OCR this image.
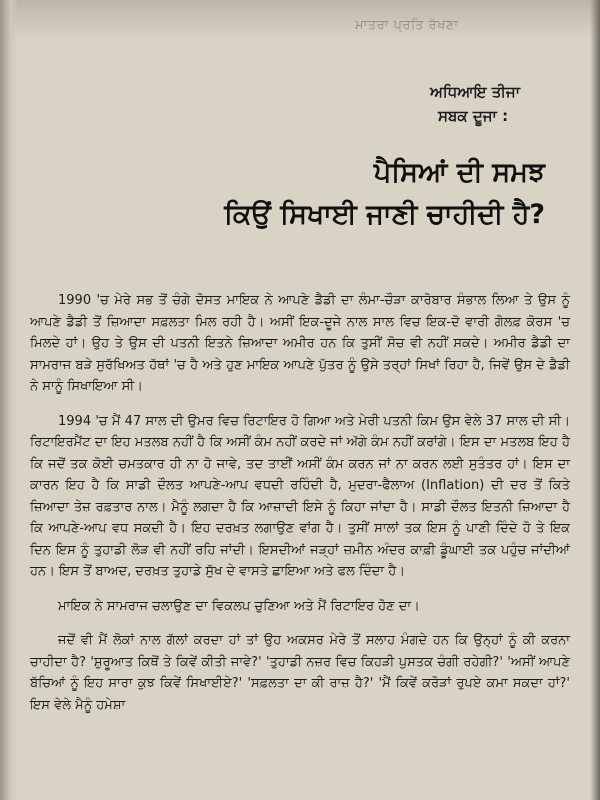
ਮਾਤਰਾ ਪ੍ਰਤਿ ਰੱਖਣਾ
ਅਧਿਆਇ ਤੀਜਾ
ਸਬਕ ਦੂਜਾ :
ਪੈਸਿਆਂ ਦੀ ਸਮਝ
ਕਿਉਂ ਸਿਖਾਈ ਜਾਣੀ ਚਾਹੀਦੀ ਹੈ?

1990 'ਚ ਮੇਰੇ ਸਭ ਤੋਂ ਚੰਗੇ ਦੋਸਤ ਮਾਇਕ ਨੇ ਆਪਣੇ ਡੈਡੀ ਦਾ ਲੰਮਾ-ਚੌੜਾ ਕਾਰੋਬਾਰ ਸੰਭਾਲ ਲਿਆ ਤੇ ਉਸ ਨੂੰ ਆਪਣੇ ਡੈਡੀ ਤੋਂ ਜ਼ਿਆਦਾ ਸਫ਼ਲਤਾ ਮਿਲ ਰਹੀ ਹੈ। ਅਸੀਂ ਇਕ-ਦੂਜੇ ਨਾਲ ਸਾਲ ਵਿਚ ਇਕ-ਦੋ ਵਾਰੀ ਗੋਲਫ਼ ਕੋਰਸ 'ਚ ਮਿਲਦੇ ਹਾਂ। ਉਹ ਤੇ ਉਸ ਦੀ ਪਤਨੀ ਇਤਨੇ ਜ਼ਿਆਦਾ ਅਮੀਰ ਹਨ ਕਿ ਤੁਸੀਂ ਸੋਚ ਵੀ ਨਹੀਂ ਸਕਦੇ। ਅਮੀਰ ਡੈਡੀ ਦਾ ਸਾਮਰਾਜ ਬੜੇ ਸੁਰੱਖਿਅਤ ਹੱਥਾਂ 'ਚ ਹੈ ਅਤੇ ਹੁਣ ਮਾਇਕ ਆਪਣੇ ਪੁੱਤਰ ਨੂੰ ਉਸੇ ਤਰ੍ਹਾਂ ਸਿਖਾਂ ਰਿਹਾ ਹੈ, ਜਿਵੇਂ ਉਸ ਦੇ ਡੈਡੀ ਨੇ ਸਾਨੂੰ ਸਿਖਾਇਆ ਸੀ।

1994 'ਚ ਮੈਂ 47 ਸਾਲ ਦੀ ਉਮਰ ਵਿਚ ਰਿਟਾਇਰ ਹੋ ਗਿਆ ਅਤੇ ਮੇਰੀ ਪਤਨੀ ਕਿਮ ਉਸ ਵੇਲੇ 37 ਸਾਲ ਦੀ ਸੀ। ਰਿਟਾਇਰਮੈਂਟ ਦਾ ਇਹ ਮਤਲਬ ਨਹੀਂ ਹੈ ਕਿ ਅਸੀਂ ਕੰਮ ਨਹੀਂ ਕਰਦੇ ਜਾਂ ਅੱਗੇ ਕੰਮ ਨਹੀਂ ਕਰਾਂਗੇ। ਇਸ ਦਾ ਮਤਲਬ ਇਹ ਹੈ ਕਿ ਜਦੋਂ ਤਕ ਕੋਈ ਚਮਤਕਾਰ ਹੀ ਨਾ ਹੋ ਜਾਵੇ, ਤਦ ਤਾਈਂ ਅਸੀਂ ਕੰਮ ਕਰਨ ਜਾਂ ਨਾ ਕਰਨ ਲਈ ਸੁਤੰਤਰ ਹਾਂ। ਇਸ ਦਾ ਕਾਰਨ ਇਹ ਹੈ ਕਿ ਸਾਡੀ ਦੌਲਤ ਆਪਣੇ-ਆਪ ਵਧਦੀ ਰਹਿੰਦੀ ਹੈ, ਮੁਦਰਾ-ਫੈਲਾਅ (Inflation) ਦੀ ਦਰ ਤੋਂ ਕਿਤੇ ਜ਼ਿਆਦਾ ਤੇਜ਼ ਰਫ਼ਤਾਰ ਨਾਲ। ਮੈਨੂੰ ਲਗਦਾ ਹੈ ਕਿ ਆਜ਼ਾਦੀ ਇਸੇ ਨੂੰ ਕਿਹਾ ਜਾਂਦਾ ਹੈ। ਸਾਡੀ ਦੌਲਤ ਇਤਨੀ ਜ਼ਿਆਦਾ ਹੈ ਕਿ ਆਪਣੇ-ਆਪ ਵਧ ਸਕਦੀ ਹੈ। ਇਹ ਦਰਖ਼ਤ ਲਗਾਉਣ ਵਾਂਗ ਹੈ। ਤੁਸੀਂ ਸਾਲਾਂ ਤਕ ਇਸ ਨੂੰ ਪਾਣੀ ਦਿੰਦੇ ਹੋ ਤੇ ਇਕ ਦਿਨ ਇਸ ਨੂੰ ਤੁਹਾਡੀ ਲੋੜ ਵੀ ਨਹੀਂ ਰਹਿ ਜਾਂਦੀ। ਇਸਦੀਆਂ ਜੜ੍ਹਾਂ ਜ਼ਮੀਨ ਅੰਦਰ ਕਾਫ਼ੀ ਡੂੰਘਾਈ ਤਕ ਪਹੁੰਚ ਜਾਂਦੀਆਂ ਹਨ। ਇਸ ਤੋਂ ਬਾਅਦ, ਦਰਖ਼ਤ ਤੁਹਾਡੇ ਸੁੱਖ ਦੇ ਵਾਸਤੇ ਛਾਇਆ ਅਤੇ ਫਲ ਦਿੰਦਾ ਹੈ।

ਮਾਇਕ ਨੇ ਸਾਮਰਾਜ ਚਲਾਉਣ ਦਾ ਵਿਕਲਪ ਚੁਣਿਆ ਅਤੇ ਮੈਂ ਰਿਟਾਇਰ ਹੋਣ ਦਾ।

ਜਦੋਂ ਵੀ ਮੈਂ ਲੋਕਾਂ ਨਾਲ ਗੱਲਾਂ ਕਰਦਾ ਹਾਂ ਤਾਂ ਉਹ ਅਕਸਰ ਮੇਰੇ ਤੋਂ ਸਲਾਹ ਮੰਗਦੇ ਹਨ ਕਿ ਉਨ੍ਹਾਂ ਨੂੰ ਕੀ ਕਰਨਾ ਚਾਹੀਦਾ ਹੈ? 'ਸ਼ੁਰੂਆਤ ਕਿਥੋਂ ਤੇ ਕਿਵੇਂ ਕੀਤੀ ਜਾਵੇ?' 'ਤੁਹਾਡੀ ਨਜ਼ਰ ਵਿਚ ਕਿਹੜੀ ਪੁਸਤਕ ਚੰਗੀ ਰਹੇਗੀ?' 'ਅਸੀਂ ਆਪਣੇ ਬੱਚਿਆਂ ਨੂੰ ਇਹ ਸਾਰਾ ਕੁਝ ਕਿਵੇਂ ਸਿਖਾਈਏ?' 'ਸਫ਼ਲਤਾ ਦਾ ਕੀ ਰਾਜ਼ ਹੈ?' 'ਮੈਂ ਕਿਵੇਂ ਕਰੋੜਾਂ ਰੁਪਏ ਕਮਾ ਸਕਦਾ ਹਾਂ?' ਇਸ ਵੇਲੇ ਮੈਨੂੰ ਹਮੇਸ਼ਾ
